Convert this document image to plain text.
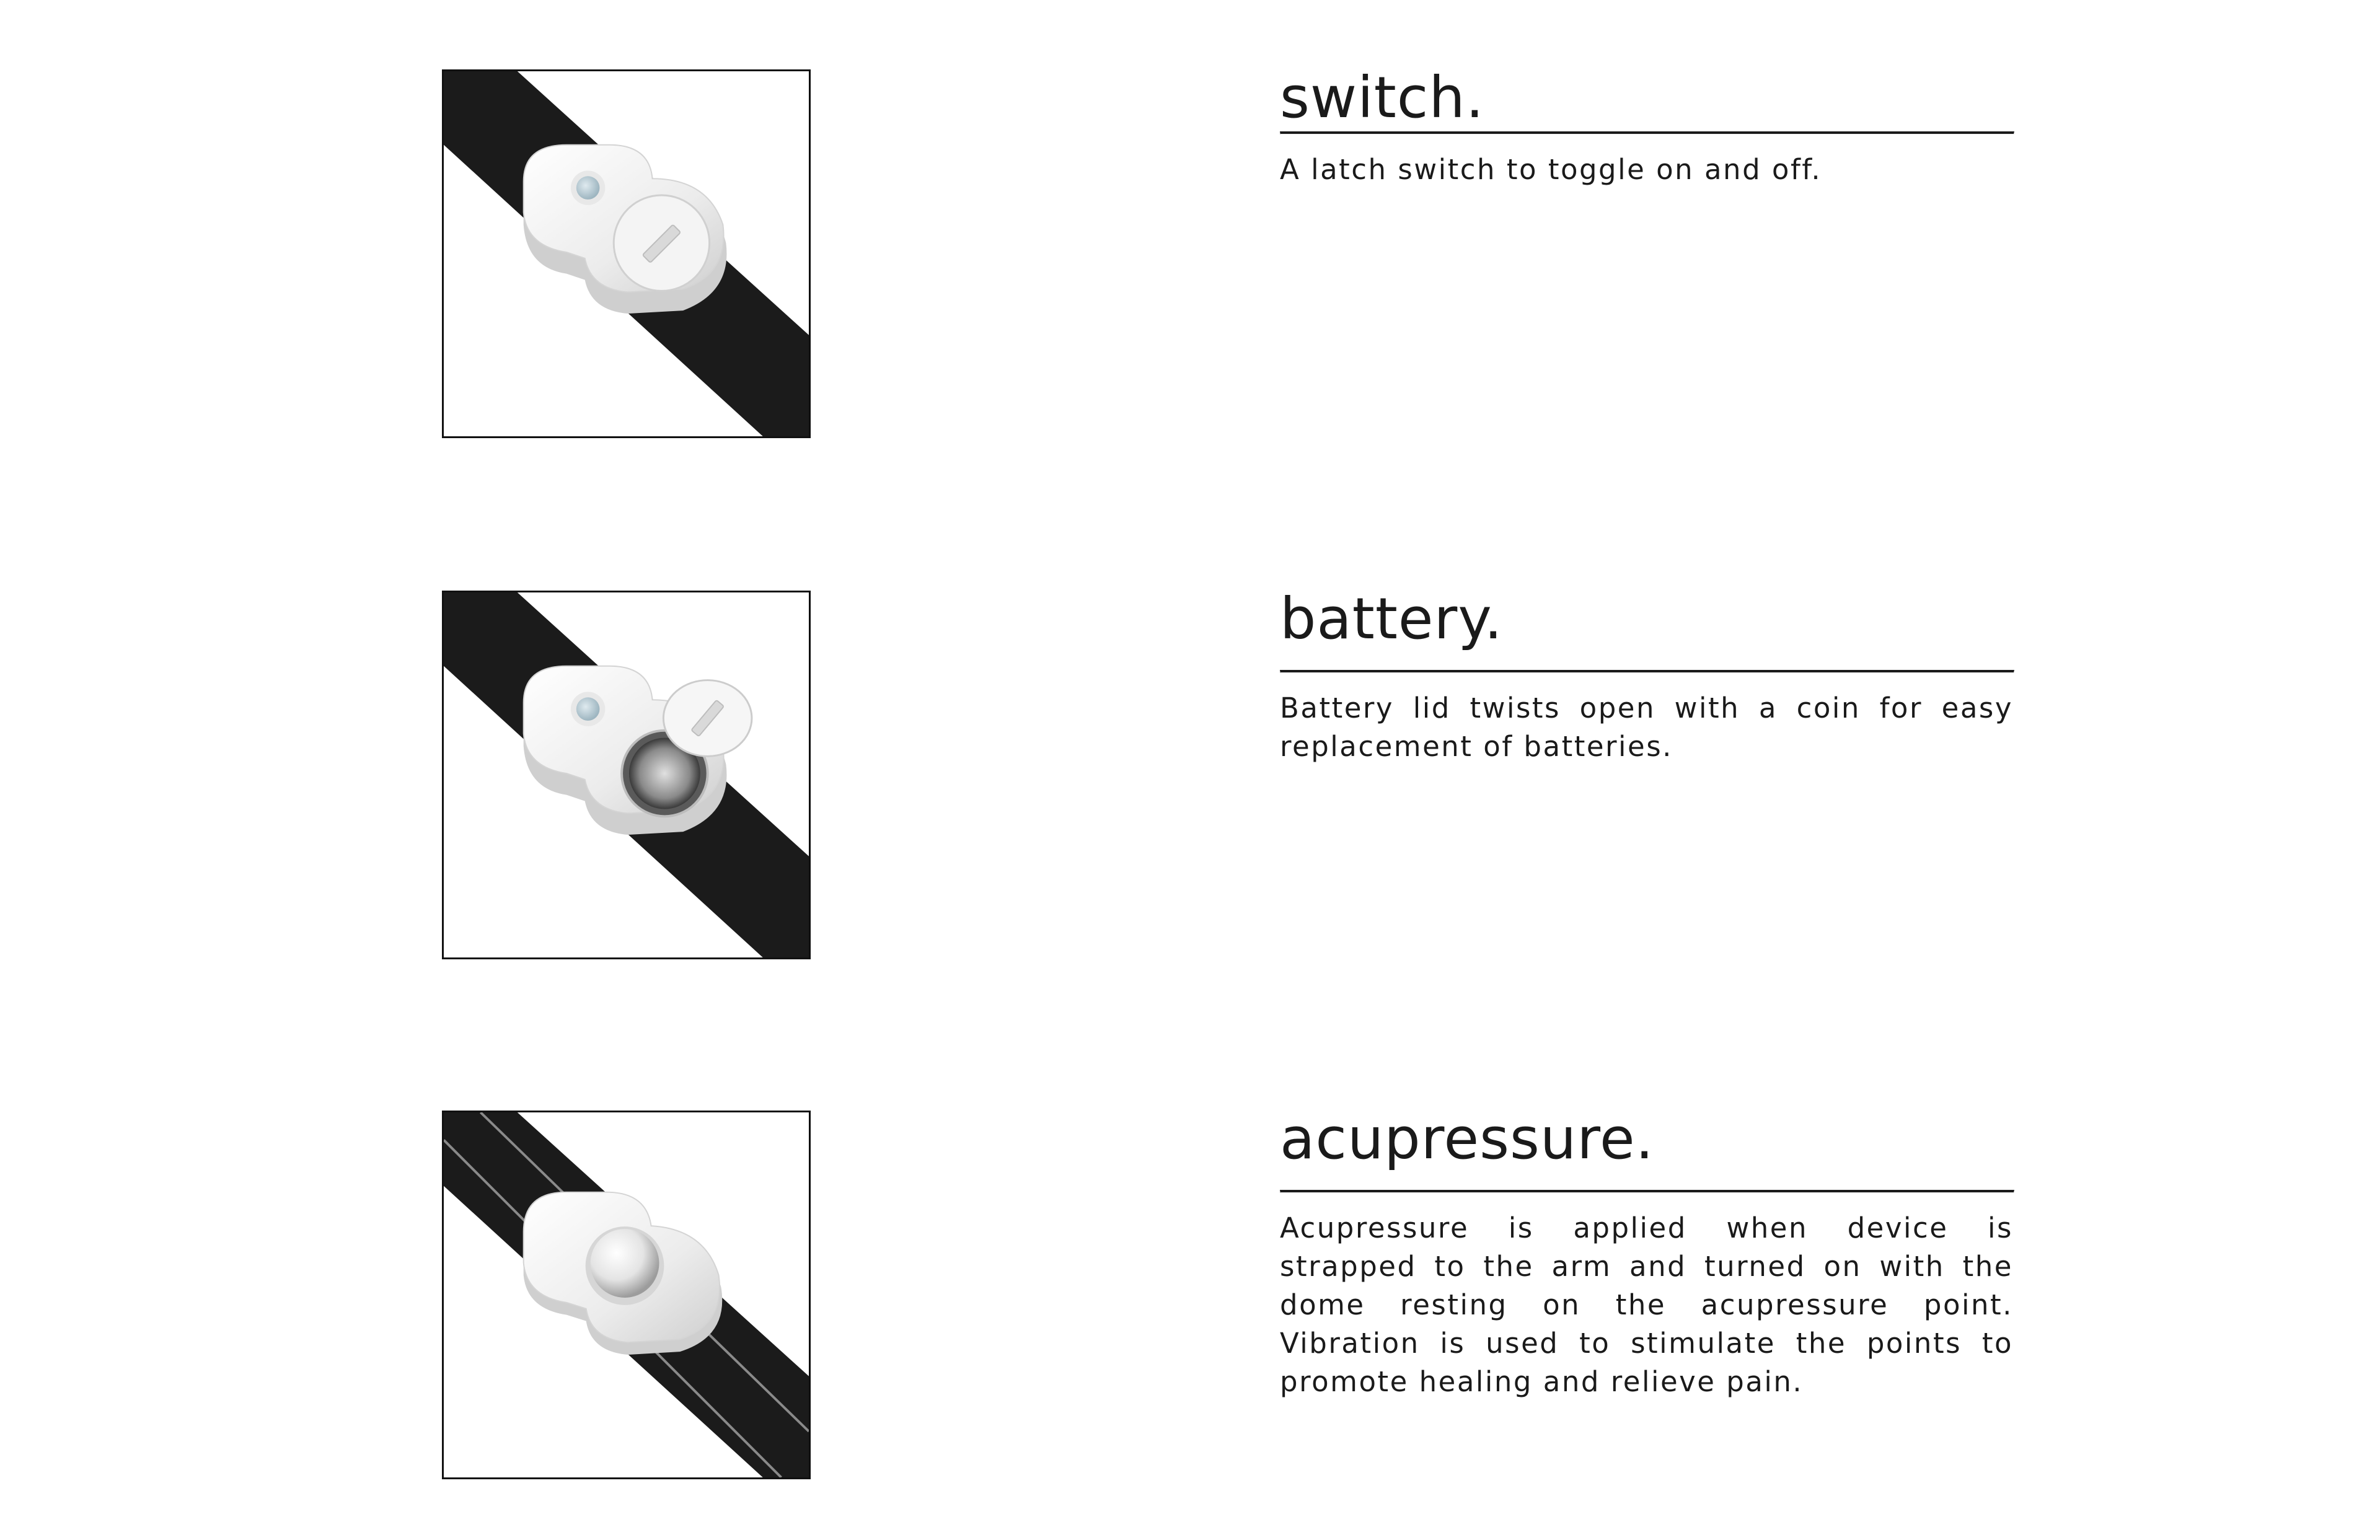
switch.

A latch switch to toggle on and off.

battery.

Battery lid twists open with a coin for easy replacement of batteries.

acupressure.

Acupressure is applied when device is strapped to the arm and turned on with the dome resting on the acupressure point. Vibration is used to stimulate the points to promote healing and relieve pain.
